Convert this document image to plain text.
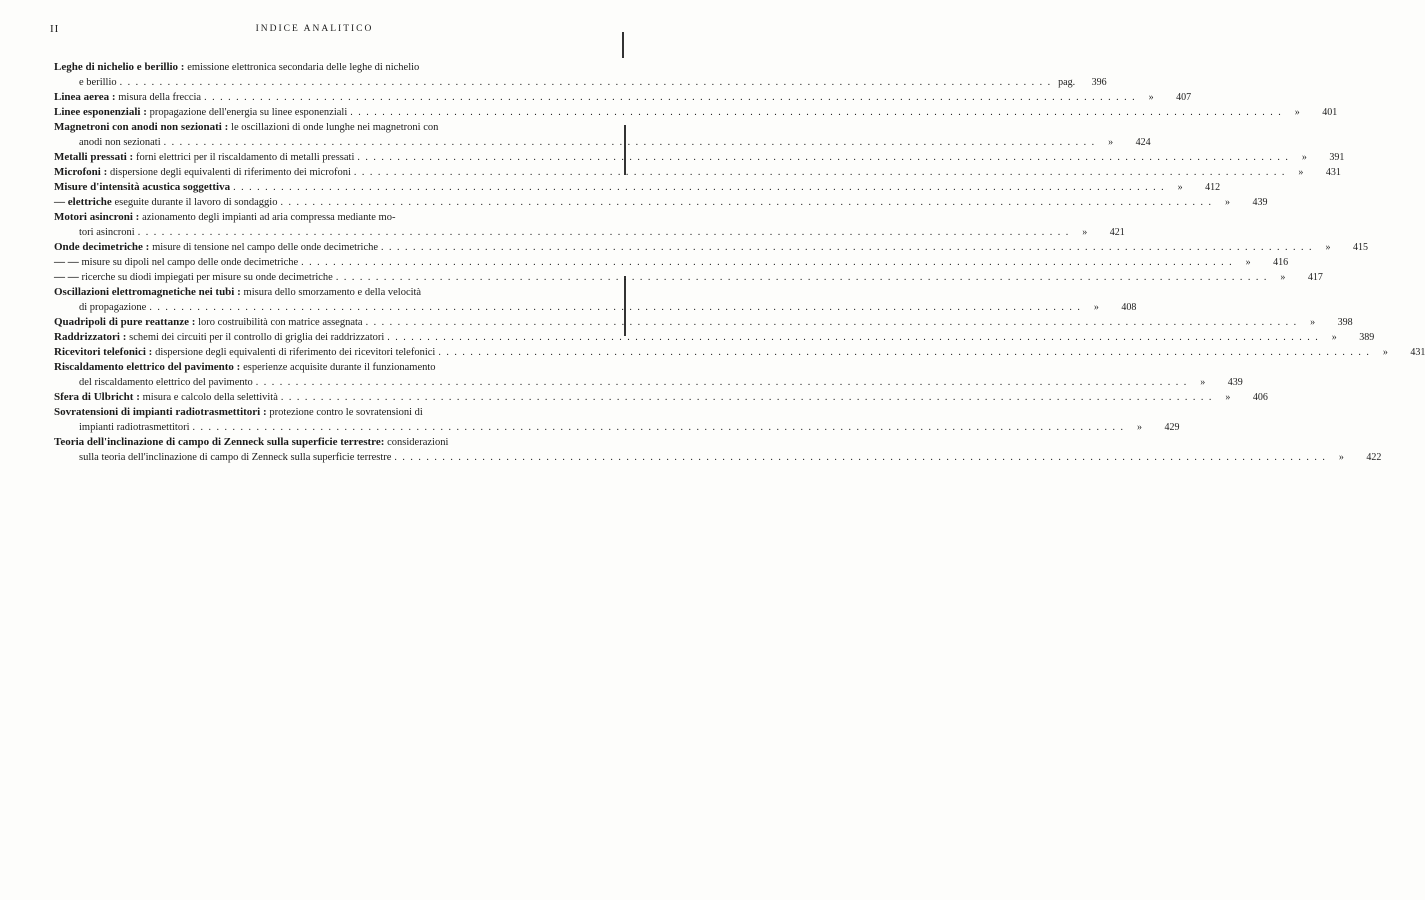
II	INDICE ANALITICO
Leghe di nichelio e berillio : emissione elettronica secondaria delle leghe di nichelio
e berillio . . .	pag.	396
Linea aerea : misura della freccia . . .	»	407
Linee esponenziali : propagazione dell'energia su linee esponenziali . . .	»	401
Magnetroni con anodi non sezionati : le oscillazioni di onde lunghe nei magnetroni con
anodi non sezionati . . .	»	424
Metalli pressati : forni elettrici per il riscaldamento di metalli pressati . . .	»	391
Microfoni : dispersione degli equivalenti di riferimento dei microfoni . . .	»	431
Misure d'intensità acustica soggettiva . . .	»	412
— elettriche eseguite durante il lavoro di sondaggio . . .	»	439
Motori asincroni : azionamento degli impianti ad aria compressa mediante mo-
tori asincroni . . .	»	421
Onde decimetriche : misure di tensione nel campo delle onde decimetriche . . .	»	415
— — misure su dipoli nel campo delle onde decimetriche . . .	»	416
— — ricerche su diodi impiegati per misure su onde decimetriche . . .	»	417
Oscillazioni elettromagnetiche nei tubi : misura dello smorzamento e della velocità
di propagazione . . .	»	408
Quadripoli di pure reattanze : loro costruibilità con matrice assegnata . . .	»	398
Raddrizzatori : schemi dei circuiti per il controllo di griglia dei raddrizzatori . . .	»	389
Ricevitori telefonici : dispersione degli equivalenti di riferimento dei ricevitori telefonici . . .	»	431
Riscaldamento elettrico del pavimento : esperienze acquisite durante il funzionamento
del riscaldamento elettrico del pavimento . . .	»	439
Sfera di Ulbricht : misura e calcolo della selettività . . .	»	406
Sovratensioni di impianti radiotrasmettitori : protezione contro le sovratensioni di
impianti radiotrasmettitori . . .	»	429
Teoria dell'inclinazione di campo di Zenneck sulla superficie terrestre: considerazioni
sulla teoria dell'inclinazione di campo di Zenneck sulla superficie terrestre . . .	»	422
